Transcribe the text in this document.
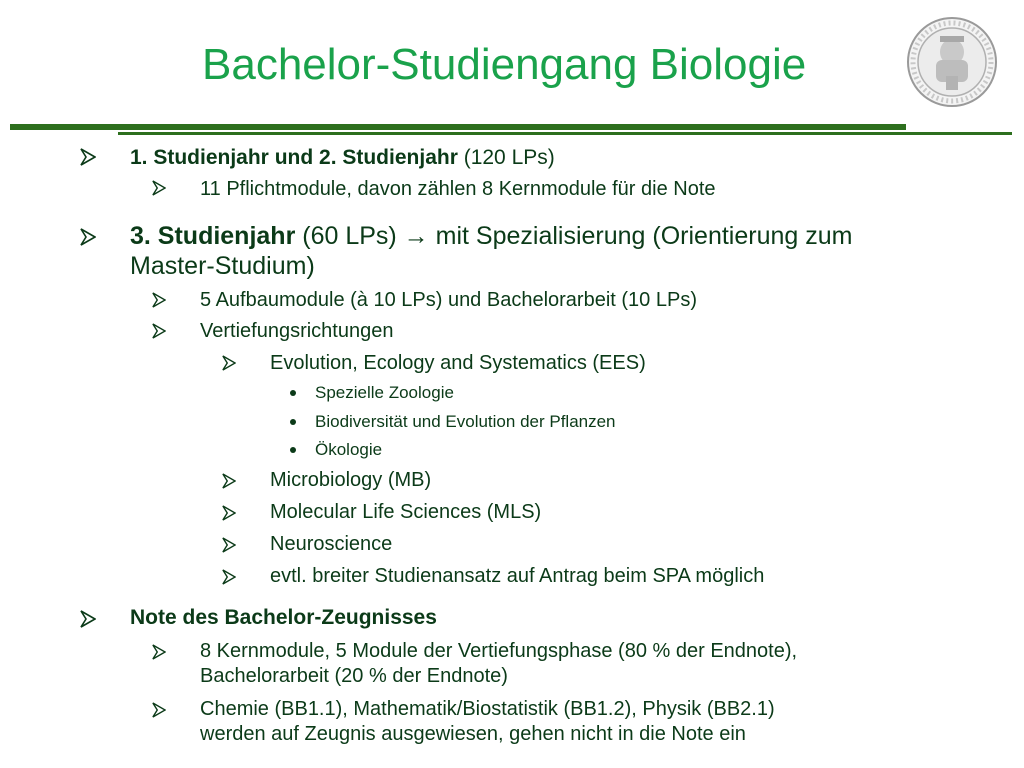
Bachelor-Studiengang Biologie
1. Studienjahr und 2. Studienjahr (120 LPs)
11 Pflichtmodule, davon zählen 8 Kernmodule für die Note
3. Studienjahr (60 LPs) → mit Spezialisierung (Orientierung zum
Master-Studium)
5 Aufbaumodule (à 10 LPs) und Bachelorarbeit (10 LPs)
Vertiefungsrichtungen
Evolution, Ecology and Systematics (EES)
Spezielle Zoologie
Biodiversität und Evolution der Pflanzen
Ökologie
Microbiology (MB)
Molecular Life Sciences (MLS)
Neuroscience
evtl. breiter Studienansatz auf Antrag beim SPA möglich
Note des Bachelor-Zeugnisses
8 Kernmodule, 5 Module der Vertiefungsphase (80 % der Endnote),
Bachelorarbeit (20 % der Endnote)
Chemie (BB1.1), Mathematik/Biostatistik (BB1.2), Physik (BB2.1)
werden auf Zeugnis ausgewiesen, gehen nicht in die Note ein
